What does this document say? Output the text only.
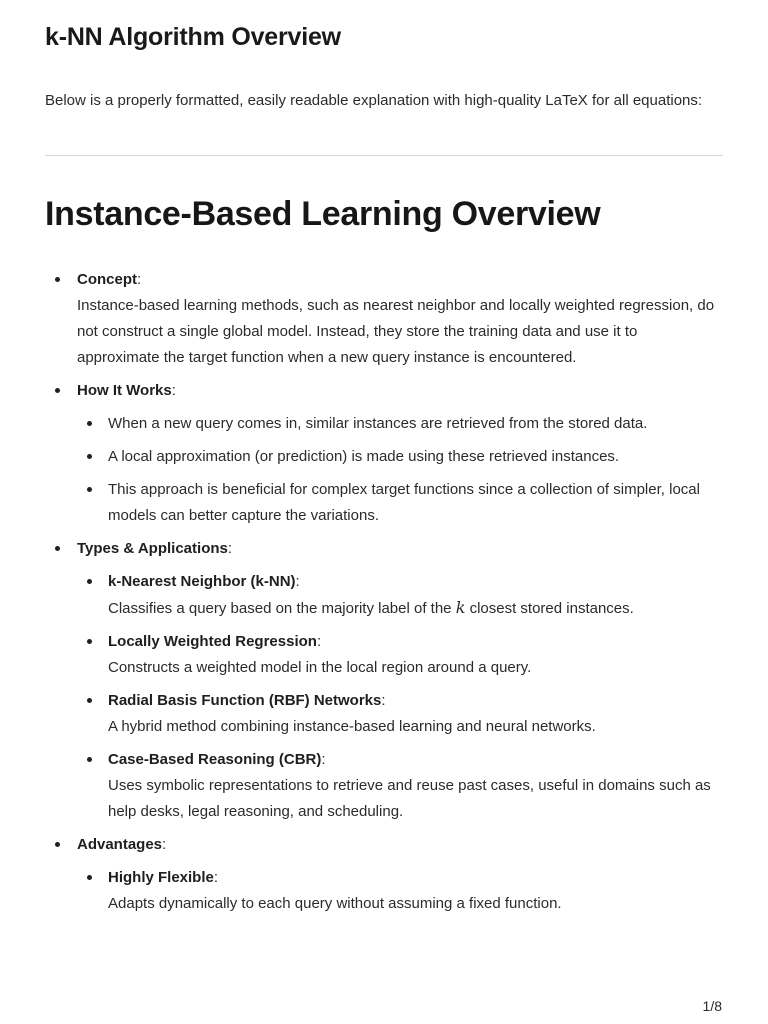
k-NN Algorithm Overview

Below is a properly formatted, easily readable explanation with high-quality LaTeX for all equations:

Instance-Based Learning Overview
Concept:
Instance-based learning methods, such as nearest neighbor and locally weighted regression, do not construct a single global model. Instead, they store the training data and use it to approximate the target function when a new query instance is encountered.
How It Works:
When a new query comes in, similar instances are retrieved from the stored data.
A local approximation (or prediction) is made using these retrieved instances.
This approach is beneficial for complex target functions since a collection of simpler, local models can better capture the variations.
Types & Applications:
k-Nearest Neighbor (k-NN):
Classifies a query based on the majority label of the k closest stored instances.
Locally Weighted Regression:
Constructs a weighted model in the local region around a query.
Radial Basis Function (RBF) Networks:
A hybrid method combining instance-based learning and neural networks.
Case-Based Reasoning (CBR):
Uses symbolic representations to retrieve and reuse past cases, useful in domains such as help desks, legal reasoning, and scheduling.
Advantages:
Highly Flexible:
Adapts dynamically to each query without assuming a fixed function.
1/8
